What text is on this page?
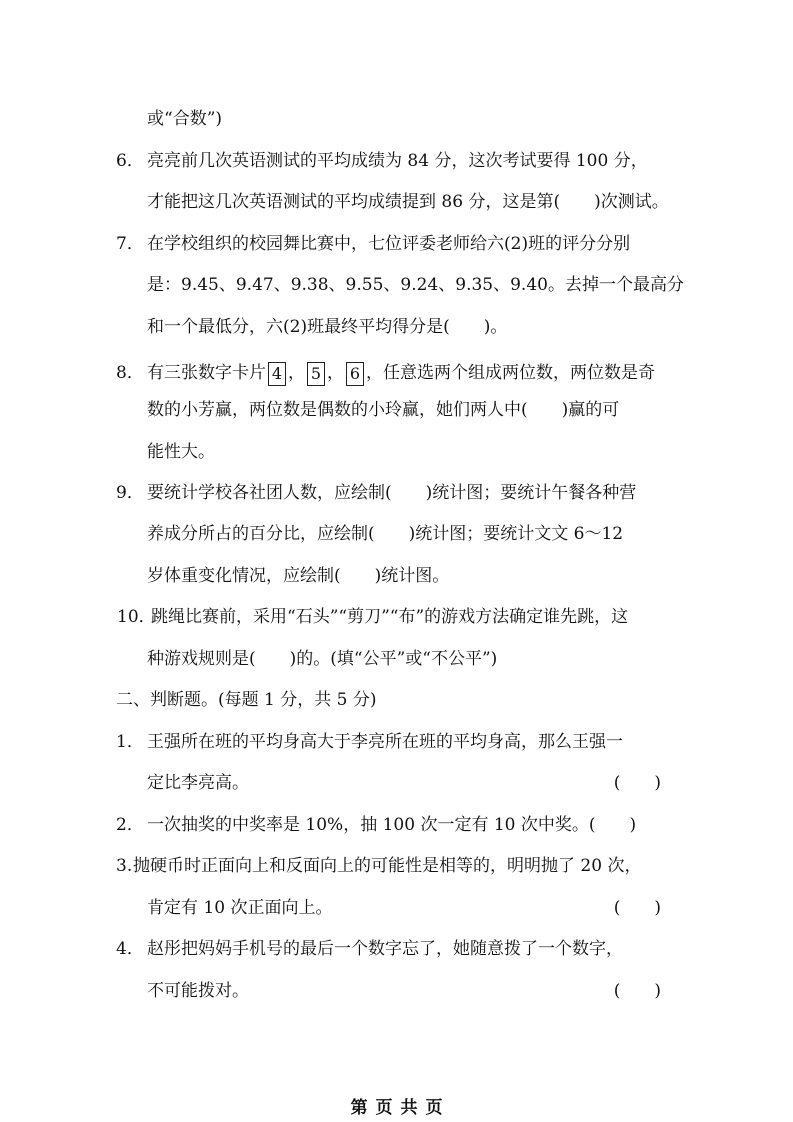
或“合数”)
6． 亮亮前几次英语测试的平均成绩为 84 分，这次考试要得 100 分，
才能把这几次英语测试的平均成绩提到 86 分，这是第(　　)次测试。
7． 在学校组织的校园舞比赛中，七位评委老师给六(2)班的评分分别
是：9.45、9.47、9.38、9.55、9.24、9.35、9.40。去掉一个最高分
和一个最低分，六(2)班最终平均得分是(　　)。
8． 有三张数字卡片 4 ， 5 ， 6 ，任意选两个组成两位数，两位数是奇
数的小芳赢，两位数是偶数的小玲赢，她们两人中(　　)赢的可
能性大。
9． 要统计学校各社团人数，应绘制(　　)统计图；要统计午餐各种营
养成分所占的百分比，应绘制(　　)统计图；要统计文文 6～12
岁体重变化情况，应绘制(　　)统计图。
10．
跳绳比赛前，采用“石头”“剪刀”“布”的游戏方法确定谁先跳，这
种游戏规则是(　　)的。(填“公平”或“不公平”)
二、判断题。(每题 1 分，共 5 分)
1． 王强所在班的平均身高大于李亮所在班的平均身高，那么王强一
定比李亮高。	(　　)
2． 一次抽奖的中奖率是 10%，抽 100 次一定有 10 次中奖。(　　)
3. 抛硬币时正面向上和反面向上的可能性是相等的，明明抛了 20 次，
肯定有 10 次正面向上。	(　　)
4． 赵彤把妈妈手机号的最后一个数字忘了，她随意拨了一个数字，
不可能拨对。	(　　)
第 页 共 页
